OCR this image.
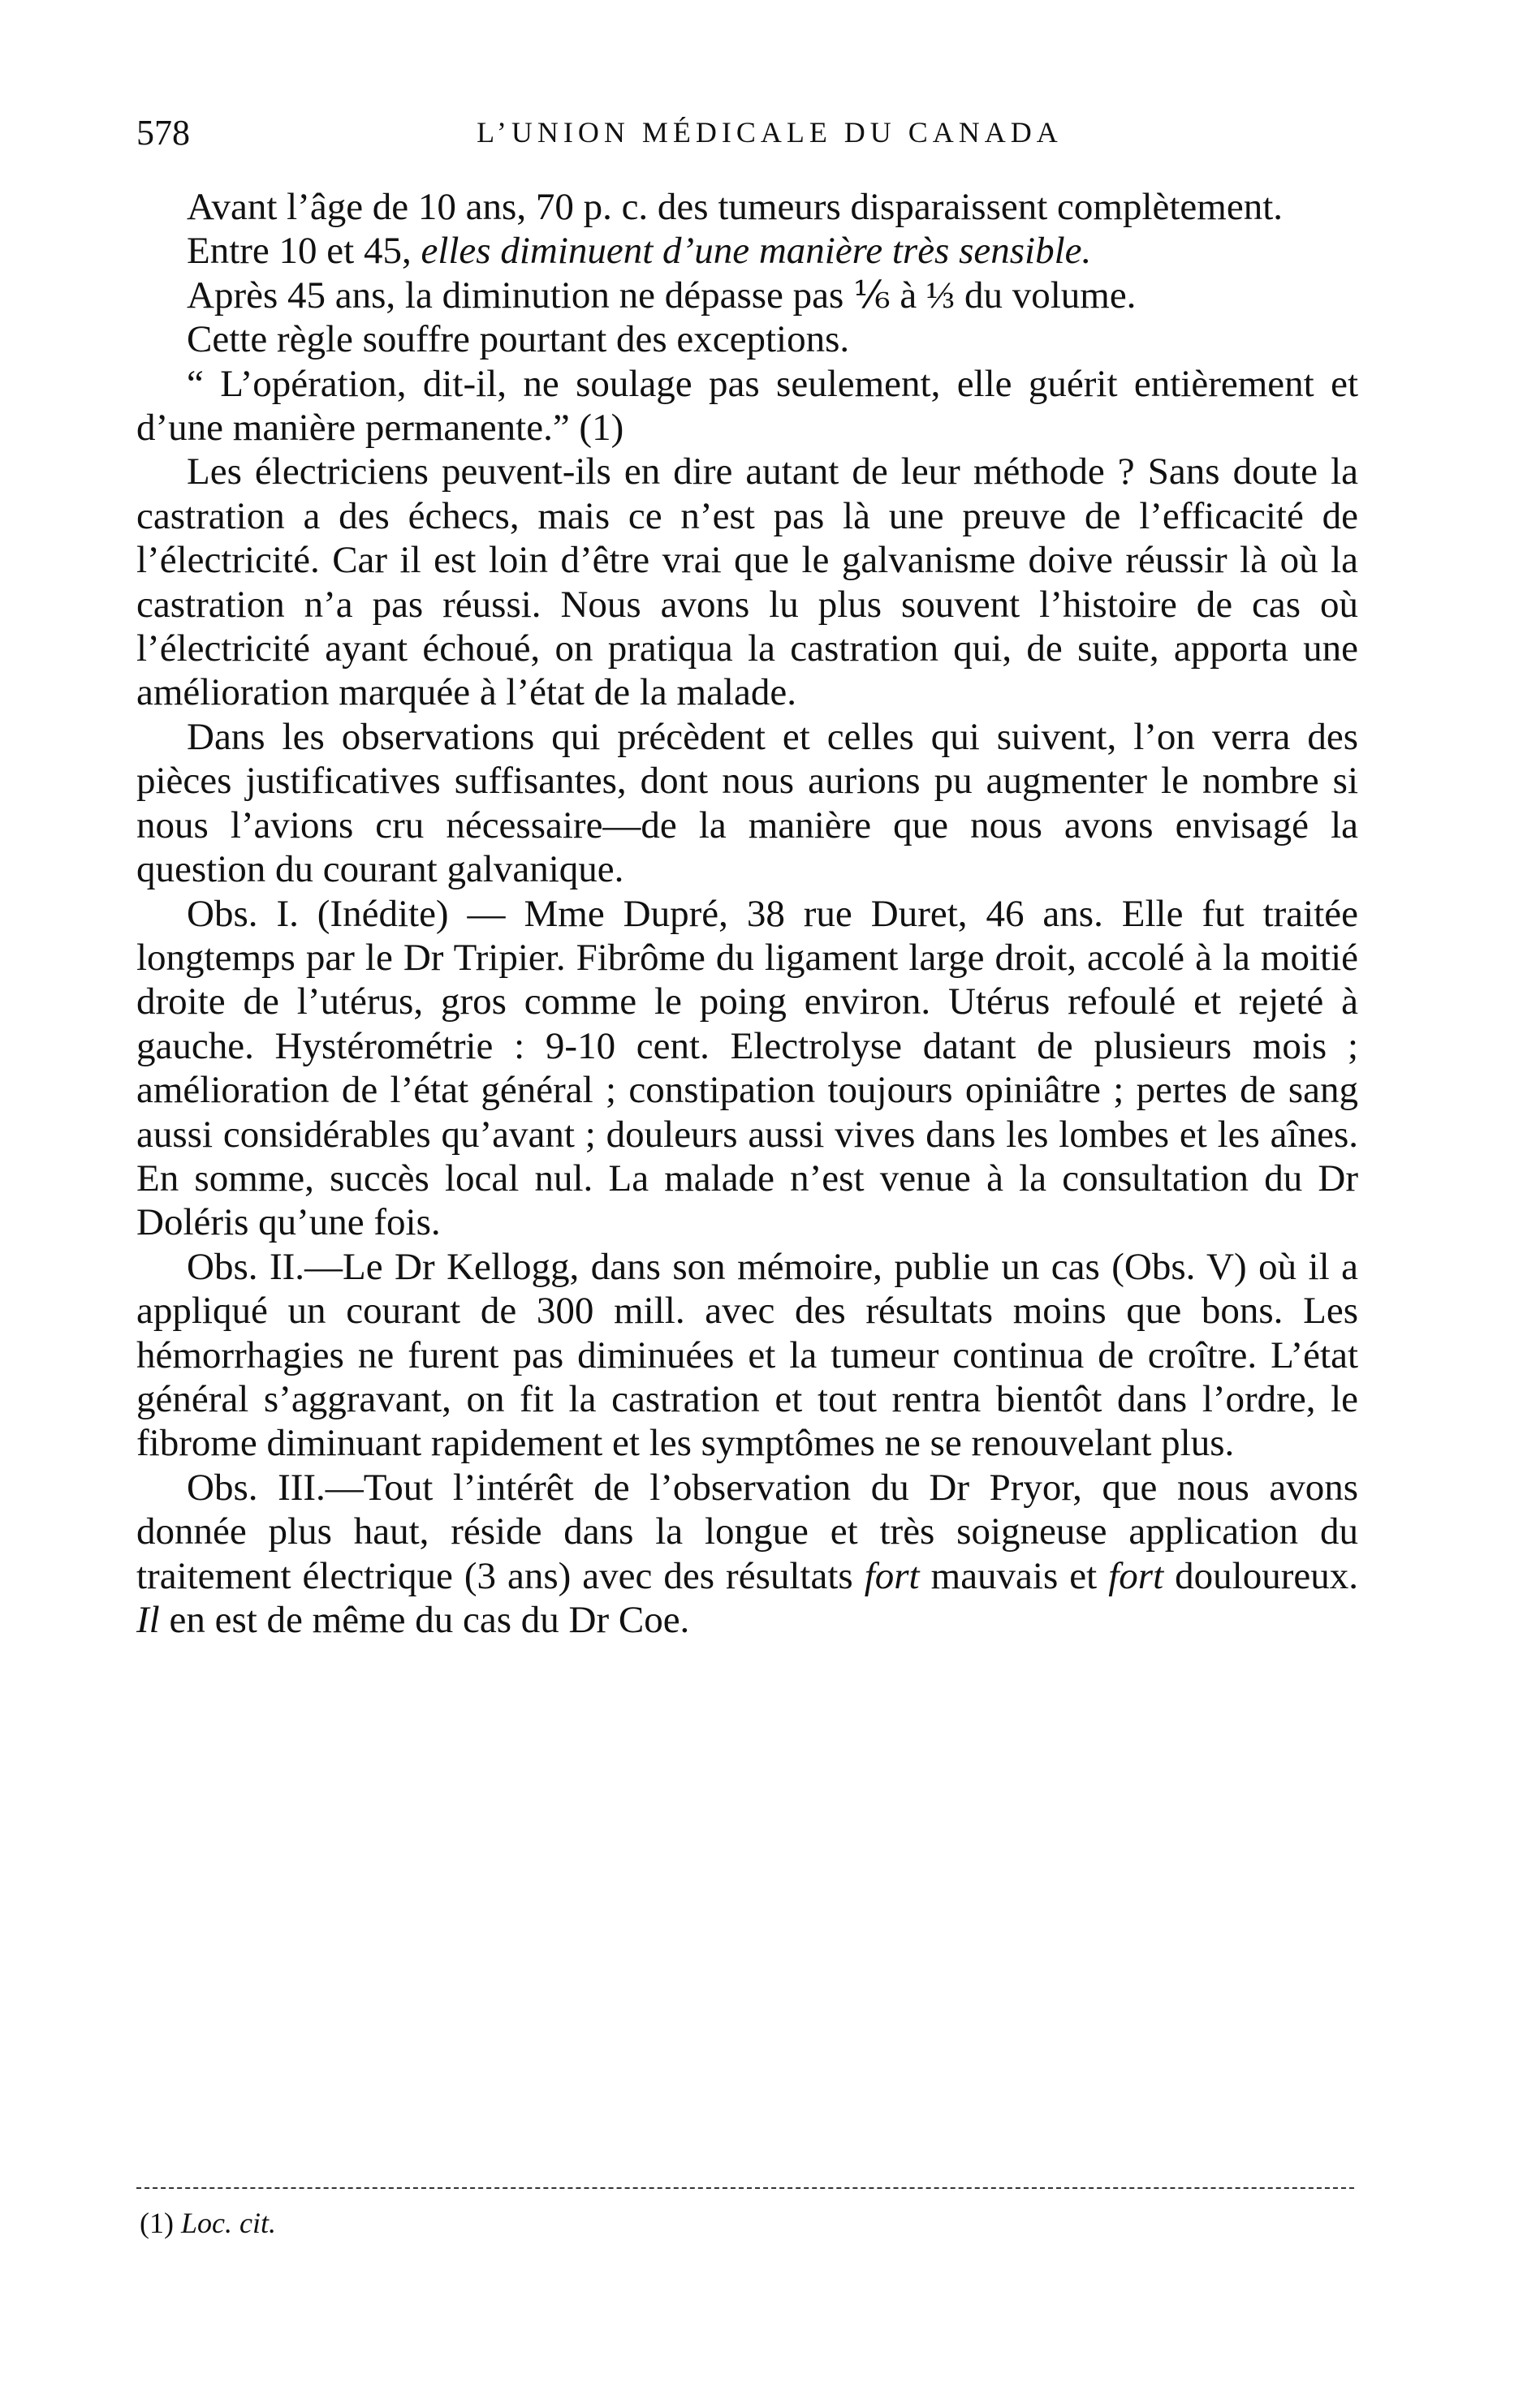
578	L’UNION MÉDICALE DU CANADA

Avant l’âge de 10 ans, 70 p. c. des tumeurs disparaissent complètement.

Entre 10 et 45, elles diminuent d’une manière très sensible.

Après 45 ans, la diminution ne dépasse pas ⅙ à ⅓ du volume.

Cette règle souffre pourtant des exceptions.

“ L’opération, dit-il, ne soulage pas seulement, elle guérit entièrement et d’une manière permanente.” (1)

Les électriciens peuvent-ils en dire autant de leur méthode ? Sans doute la castration a des échecs, mais ce n’est pas là une preuve de l’efficacité de l’électricité. Car il est loin d’être vrai que le galvanisme doive réussir là où la castration n’a pas réussi. Nous avons lu plus souvent l’histoire de cas où l’électricité ayant échoué, on pratiqua la castration qui, de suite, apporta une amélioration marquée à l’état de la malade.

Dans les observations qui précèdent et celles qui suivent, l’on verra des pièces justificatives suffisantes, dont nous aurions pu augmenter le nombre si nous l’avions cru nécessaire—de la manière que nous avons envisagé la question du courant galvanique.

Obs. I. (Inédite) — Mme Dupré, 38 rue Duret, 46 ans. Elle fut traitée longtemps par le Dr Tripier. Fibrôme du ligament large droit, accolé à la moitié droite de l’utérus, gros comme le poing environ. Utérus refoulé et rejeté à gauche. Hystérométrie : 9-10 cent. Electrolyse datant de plusieurs mois ; amélioration de l’état général ; constipation toujours opiniâtre ; pertes de sang aussi considérables qu’avant ; douleurs aussi vives dans les lombes et les aînes. En somme, succès local nul. La malade n’est venue à la consultation du Dr Doléris qu’une fois.

Obs. II.—Le Dr Kellogg, dans son mémoire, publie un cas (Obs. V) où il a appliqué un courant de 300 mill. avec des résultats moins que bons. Les hémorrhagies ne furent pas diminuées et la tumeur continua de croître. L’état général s’aggravant, on fit la castration et tout rentra bientôt dans l’ordre, le fibrome diminuant rapidement et les symptômes ne se renouvelant plus.

Obs. III.—Tout l’intérêt de l’observation du Dr Pryor, que nous avons donnée plus haut, réside dans la longue et très soigneuse application du traitement électrique (3 ans) avec des résultats fort mauvais et fort douloureux. Il en est de même du cas du Dr Coe.

(1) Loc. cit.
